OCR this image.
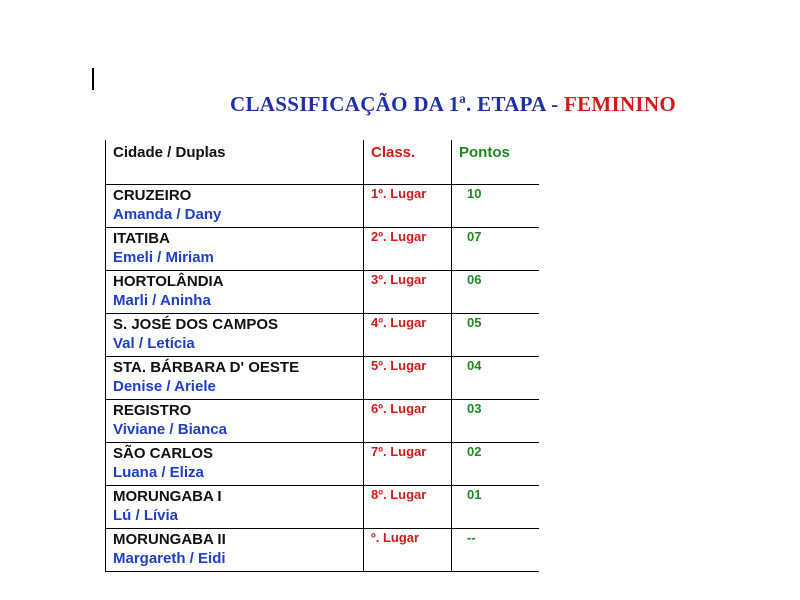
CLASSIFICAÇÃO DA 1ª. ETAPA - FEMININO
Cidade / Duplas	Class.	Pontos

CRUZEIRO
Amanda / Dany	1º. Lugar	10

ITATIBA
Emeli / Miriam	2º. Lugar	07

HORTOLÂNDIA
Marli / Aninha	3º. Lugar	06

S. JOSÉ DOS CAMPOS
Val / Letícia	4º. Lugar	05

STA. BÁRBARA D' OESTE
Denise / Ariele	5º. Lugar	04

REGISTRO
Viviane / Bianca	6º. Lugar	03

SÃO CARLOS
Luana / Eliza	7º. Lugar	02

MORUNGABA I
Lú / Lívia	8º. Lugar	01

MORUNGABA II
Margareth / Eidi	º. Lugar	--
